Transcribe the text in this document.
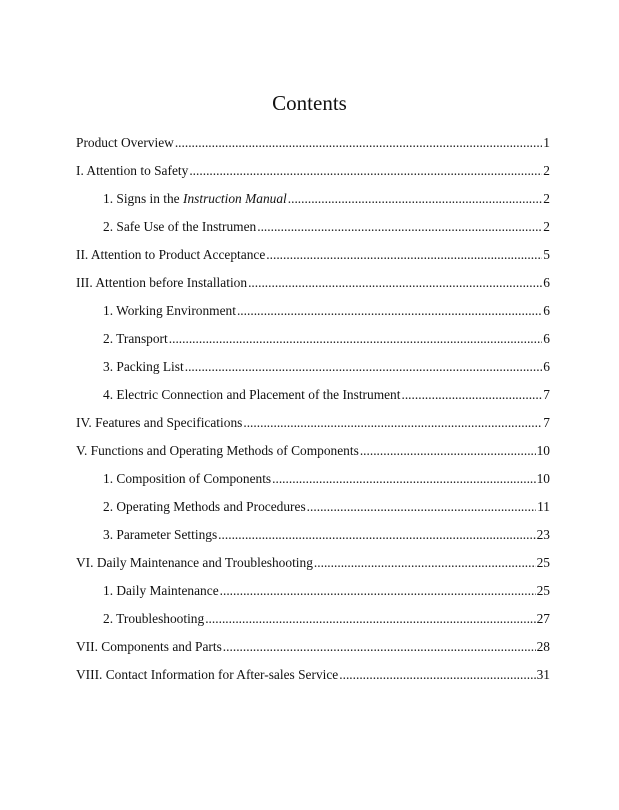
Contents
Product Overview .....	1
I. Attention to Safety .....	2
1. Signs in the Instruction Manual .....	2
2. Safe Use of the Instrumen .....	2
II. Attention to Product Acceptance .....	5
III. Attention before Installation .....	6
1. Working Environment .....	6
2. Transport .....	6
3. Packing List .....	6
4. Electric Connection and Placement of the Instrument .....	7
IV. Features and Specifications .....	7
V. Functions and Operating Methods of Components .....	10
1. Composition of Components .....	10
2. Operating Methods and Procedures .....	11
3. Parameter Settings .....	23
VI. Daily Maintenance and Troubleshooting .....	25
1. Daily Maintenance .....	25
2. Troubleshooting .....	27
VII. Components and Parts .....	28
VIII. Contact Information for After-sales Service .....	31
